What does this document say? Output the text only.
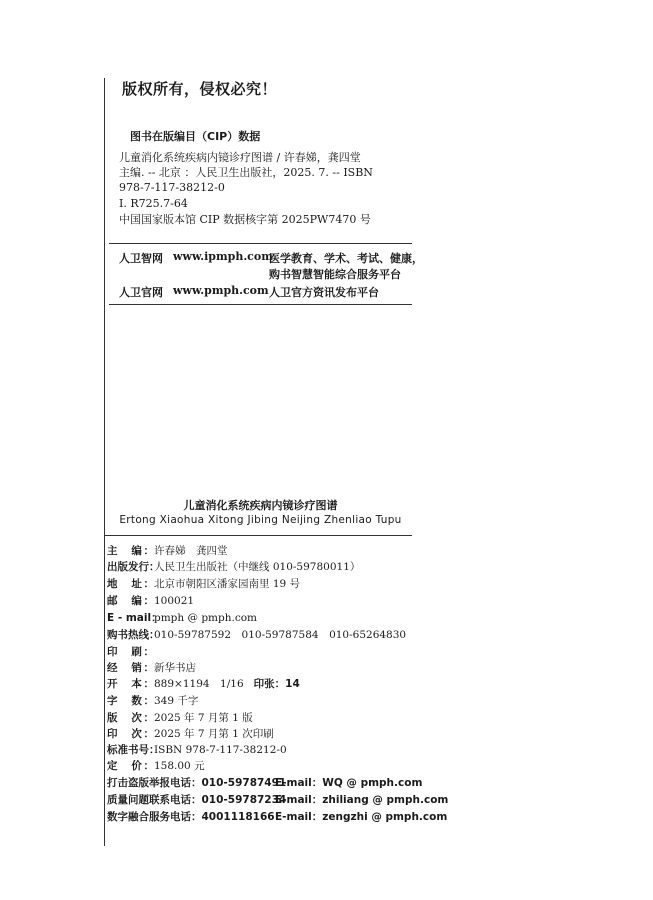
版权所有，侵权必究！
图书在版编目（CIP）数据
儿童消化系统疾病内镜诊疗图谱 / 许春娣，龚四堂
主编. -- 北京 ：人民卫生出版社，2025. 7. -- ISBN
978-7-117-38212-0
Ⅰ. R725.7-64
中国国家版本馆 CIP 数据核字第 2025PW7470 号
人卫智网 www.ipmph.com
医学教育、学术、考试、健康，
购书智慧智能综合服务平台
人卫官网 www.pmph.com 人卫官方资讯发布平台
儿童消化系统疾病内镜诊疗图谱
Ertong Xiaohua Xitong Jibing Neijing Zhenliao Tupu
主　编：许春娣　龚四堂
出版发行：人民卫生出版社（中继线 010-59780011）
地　址：北京市朝阳区潘家园南里 19 号
邮　编：100021
E - mail：pmph @ pmph.com
购书热线：010-59787592　010-59787584　010-65264830
印　刷：
经　销：新华书店
开　本：889×1194　1/16 印张：14
字　数：349 千字
版　次：2025 年 7 月第 1 版
印　次：2025 年 7 月第 1 次印刷
标准书号：ISBN 978-7-117-38212-0
定　价：158.00 元
打击盗版举报电话：010-59787491
E-mail：WQ @ pmph.com
质量问题联系电话：010-59787234
E-mail：zhiliang @ pmph.com
数字融合服务电话：4001118166 E-mail：zengzhi @ pmph.com
